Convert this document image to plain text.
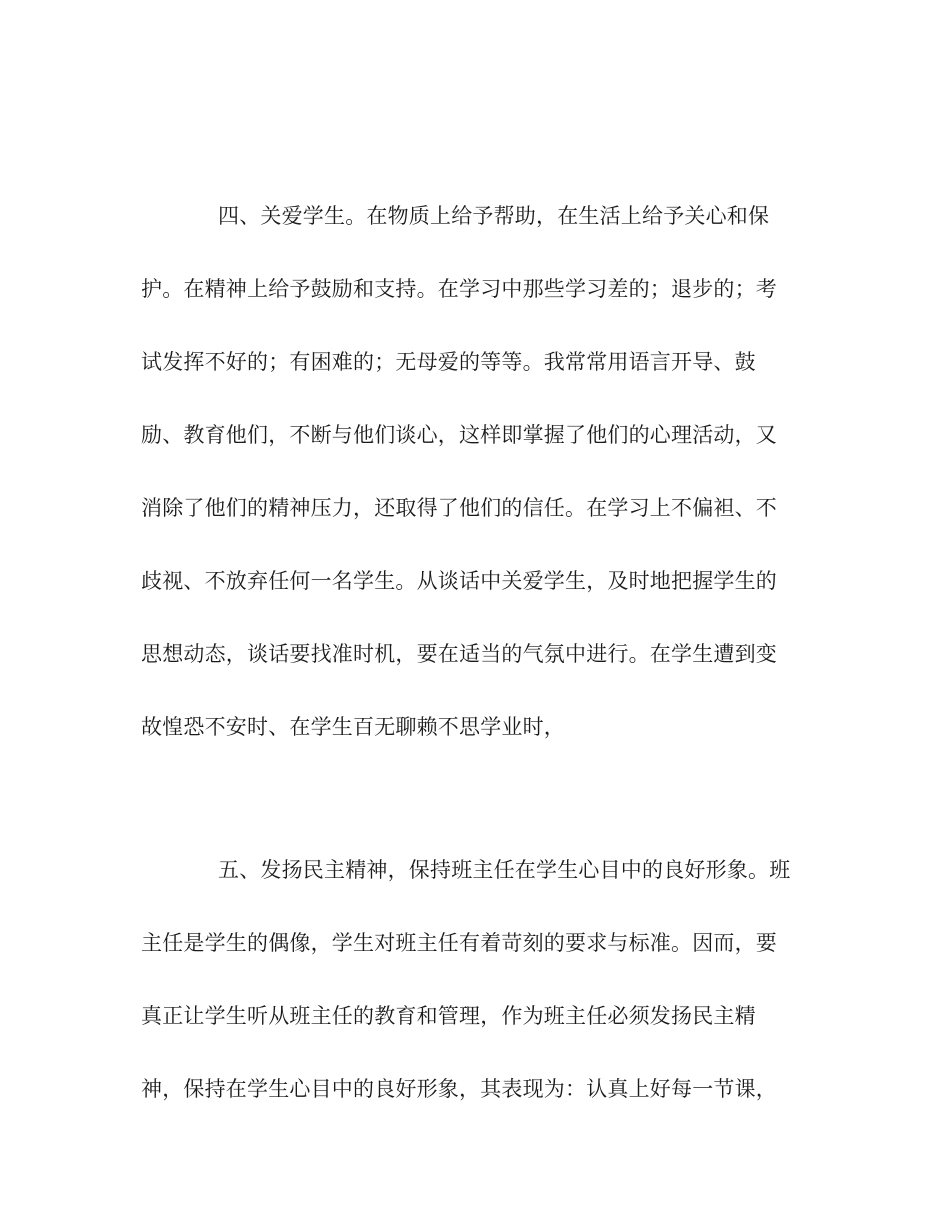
四、关爱学生。在物质上给予帮助，在生活上给予关心和保
护。在精神上给予鼓励和支持。在学习中那些学习差的；退步的；考
试发挥不好的；有困难的；无母爱的等等。我常常用语言开导、鼓
励、教育他们，不断与他们谈心，这样即掌握了他们的心理活动，又
消除了他们的精神压力，还取得了他们的信任。在学习上不偏袒、不
歧视、不放弃任何一名学生。从谈话中关爱学生，及时地把握学生的
思想动态，谈话要找准时机，要在适当的气氛中进行。在学生遭到变
故惶恐不安时、在学生百无聊赖不思学业时，
五、发扬民主精神，保持班主任在学生心目中的良好形象。班
主任是学生的偶像，学生对班主任有着苛刻的要求与标准。因而，要
真正让学生听从班主任的教育和管理，作为班主任必须发扬民主精
神，保持在学生心目中的良好形象，其表现为：认真上好每一节课，
